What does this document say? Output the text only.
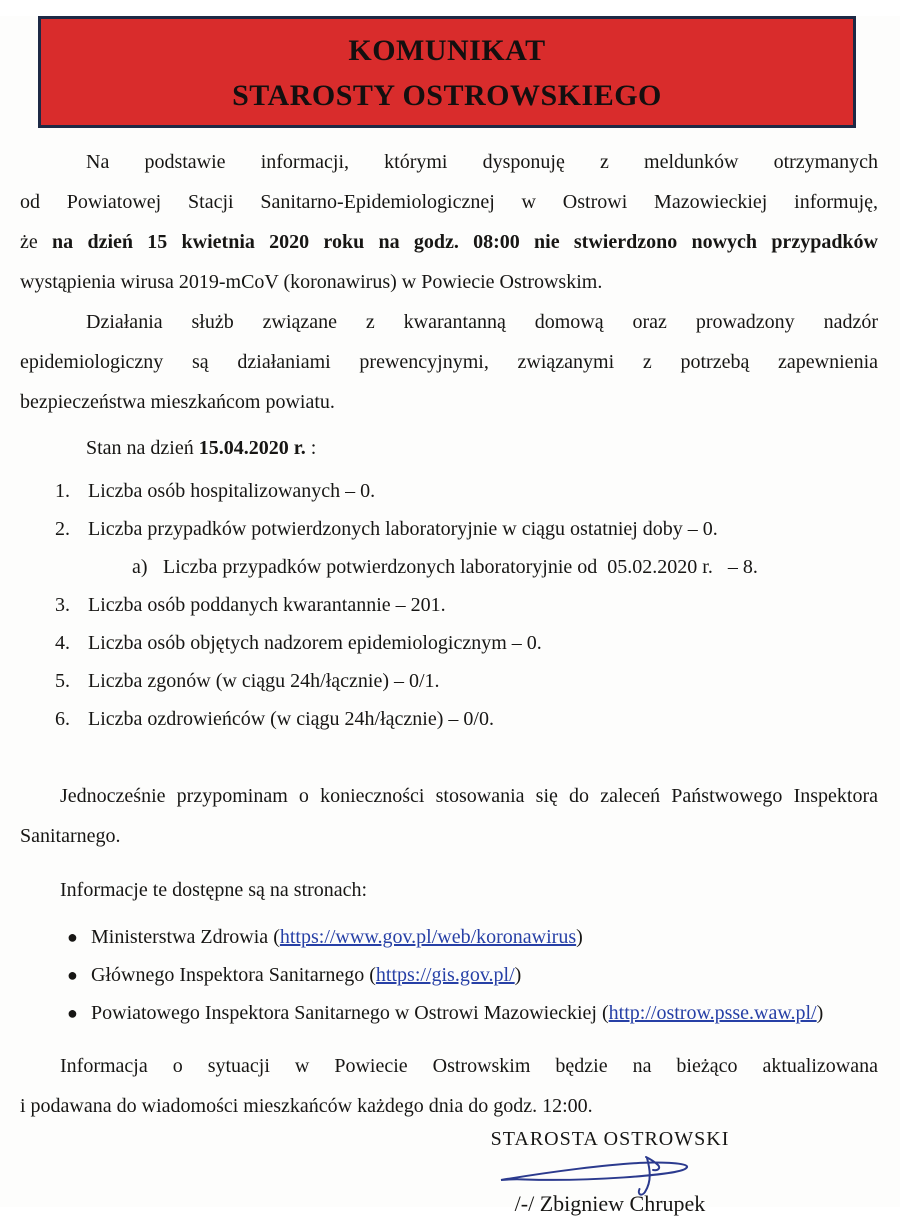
KOMUNIKAT
STAROSTY OSTROWSKIEGO
Na podstawie informacji, którymi dysponuję z meldunków otrzymanych
od Powiatowej Stacji Sanitarno-Epidemiologicznej w Ostrowi Mazowieckiej informuję,
że na dzień 15 kwietnia 2020 roku na godz. 08:00 nie stwierdzono nowych przypadków
wystąpienia wirusa 2019-mCoV (koronawirus) w Powiecie Ostrowskim.
Działania służb związane z kwarantanną domową oraz prowadzony nadzór
epidemiologiczny są działaniami prewencyjnymi, związanymi z potrzebą zapewnienia
bezpieczeństwa mieszkańcom powiatu.
Stan na dzień 15.04.2020 r. :
1. Liczba osób hospitalizowanych – 0.
2. Liczba przypadków potwierdzonych laboratoryjnie w ciągu ostatniej doby – 0.
a) Liczba przypadków potwierdzonych laboratoryjnie od  05.02.2020 r.   – 8.
3. Liczba osób poddanych kwarantannie – 201.
4. Liczba osób objętych nadzorem epidemiologicznym – 0.
5. Liczba zgonów (w ciągu 24h/łącznie) – 0/1.
6. Liczba ozdrowieńców (w ciągu 24h/łącznie) – 0/0.
Jednocześnie przypominam o konieczności stosowania się do zaleceń Państwowego Inspektora
Sanitarnego.
Informacje te dostępne są na stronach:
● Ministerstwa Zdrowia (https://www.gov.pl/web/koronawirus)
● Głównego Inspektora Sanitarnego (https://gis.gov.pl/)
● Powiatowego Inspektora Sanitarnego w Ostrowi Mazowieckiej (http://ostrow.psse.waw.pl/)
Informacja o sytuacji w Powiecie Ostrowskim będzie na bieżąco aktualizowana
i podawana do wiadomości mieszkańców każdego dnia do godz. 12:00.
STAROSTA OSTROWSKI
/-/ Zbigniew Chrupek
